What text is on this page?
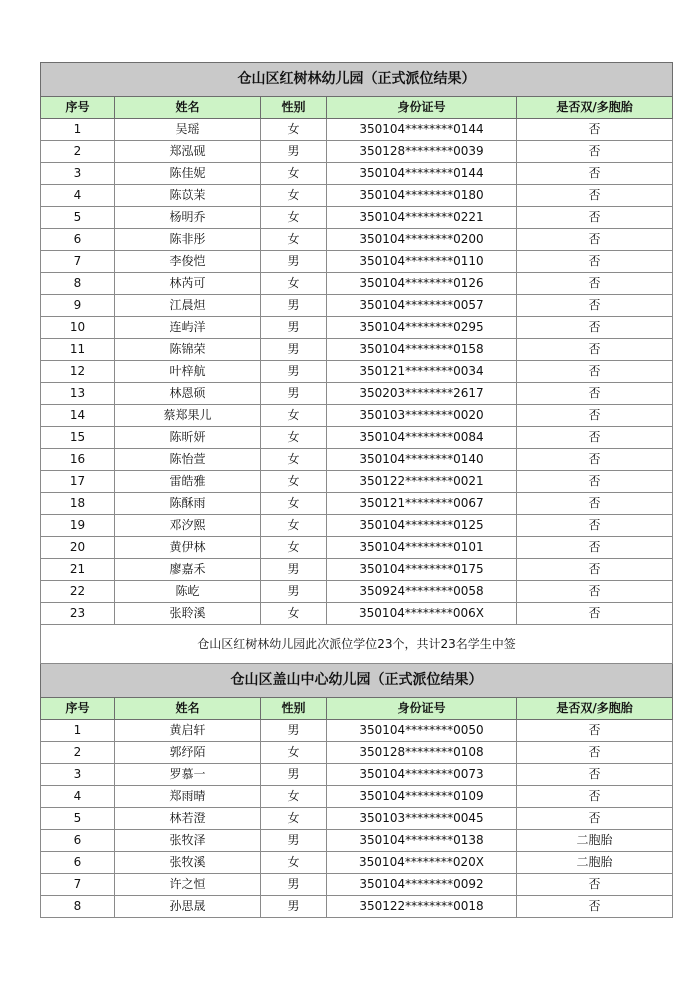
仓山区红树林幼儿园（正式派位结果）				
序号	姓名	性别	身份证号	是否双/多胞胎
1	吴瑶	女	350104********0144	否
2	郑泓砚	男	350128********0039	否
3	陈佳妮	女	350104********0144	否
4	陈苡茉	女	350104********0180	否
5	杨明乔	女	350104********0221	否
6	陈非彤	女	350104********0200	否
7	李俊恺	男	350104********0110	否
8	林芮可	女	350104********0126	否
9	江晨炟	男	350104********0057	否
10	连屿洋	男	350104********0295	否
11	陈锦荣	男	350104********0158	否
12	叶梓航	男	350121********0034	否
13	林恩硕	男	350203********2617	否
14	蔡郑果儿	女	350103********0020	否
15	陈昕妍	女	350104********0084	否
16	陈怡萱	女	350104********0140	否
17	雷皓雅	女	350122********0021	否
18	陈酥雨	女	350121********0067	否
19	邓汐熙	女	350104********0125	否
20	黄伊林	女	350104********0101	否
21	廖嘉禾	男	350104********0175	否
22	陈屹	男	350924********0058	否
23	张聆溪	女	350104********006X	否
仓山区红树林幼儿园此次派位学位23个，共计23名学生中签				
仓山区盖山中心幼儿园（正式派位结果）				
序号	姓名	性别	身份证号	是否双/多胞胎
1	黄启轩	男	350104********0050	否
2	郭纾陌	女	350128********0108	否
3	罗慕一	男	350104********0073	否
4	郑雨晴	女	350104********0109	否
5	林若澄	女	350103********0045	否
6	张牧泽	男	350104********0138	二胞胎
6	张牧溪	女	350104********020X	二胞胎
7	许之恒	男	350104********0092	否
8	孙思晟	男	350122********0018	否
